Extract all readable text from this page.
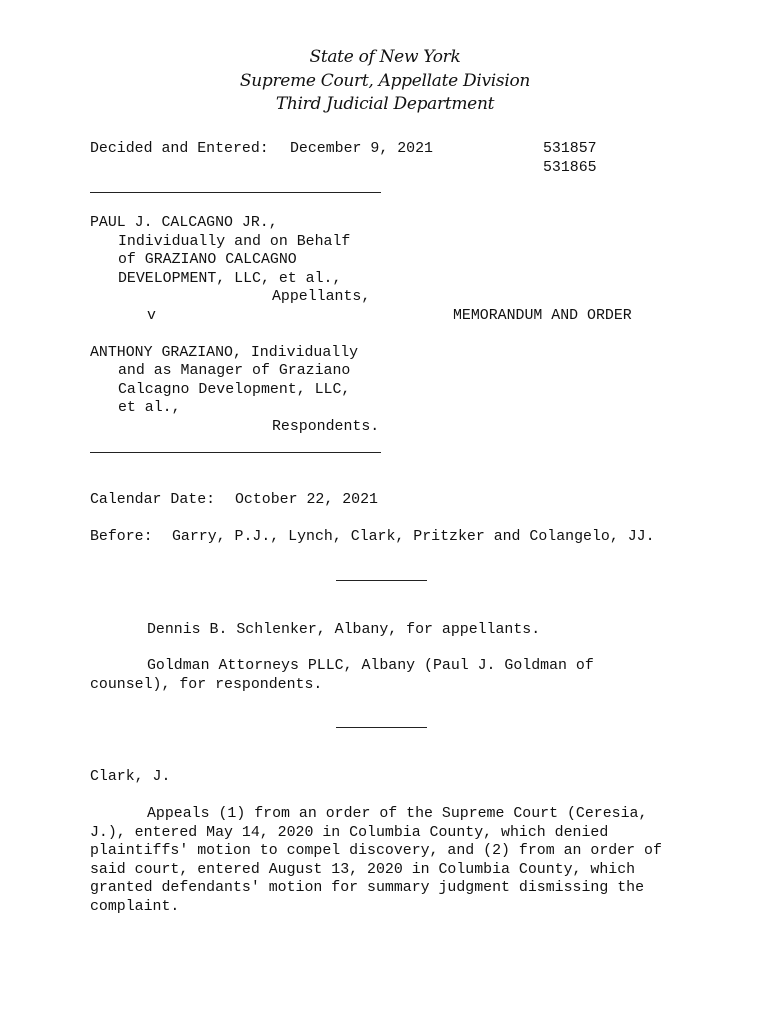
State of New York
Supreme Court, Appellate Division
Third Judicial Department
Decided and Entered: December 9, 2021	531857
531865
PAUL J. CALCAGNO JR.,
Individually and on Behalf
of GRAZIANO CALCAGNO
DEVELOPMENT, LLC, et al.,
Appellants,
v	MEMORANDUM AND ORDER
ANTHONY GRAZIANO, Individually
and as Manager of Graziano
Calcagno Development, LLC,
et al.,
Respondents.
Calendar Date: October 22, 2021
Before: Garry, P.J., Lynch, Clark, Pritzker and Colangelo, JJ.
Dennis B. Schlenker, Albany, for appellants.
Goldman Attorneys PLLC, Albany (Paul J. Goldman of
counsel), for respondents.
Clark, J.
Appeals (1) from an order of the Supreme Court (Ceresia,
J.), entered May 14, 2020 in Columbia County, which denied
plaintiffs' motion to compel discovery, and (2) from an order of
said court, entered August 13, 2020 in Columbia County, which
granted defendants' motion for summary judgment dismissing the
complaint.
